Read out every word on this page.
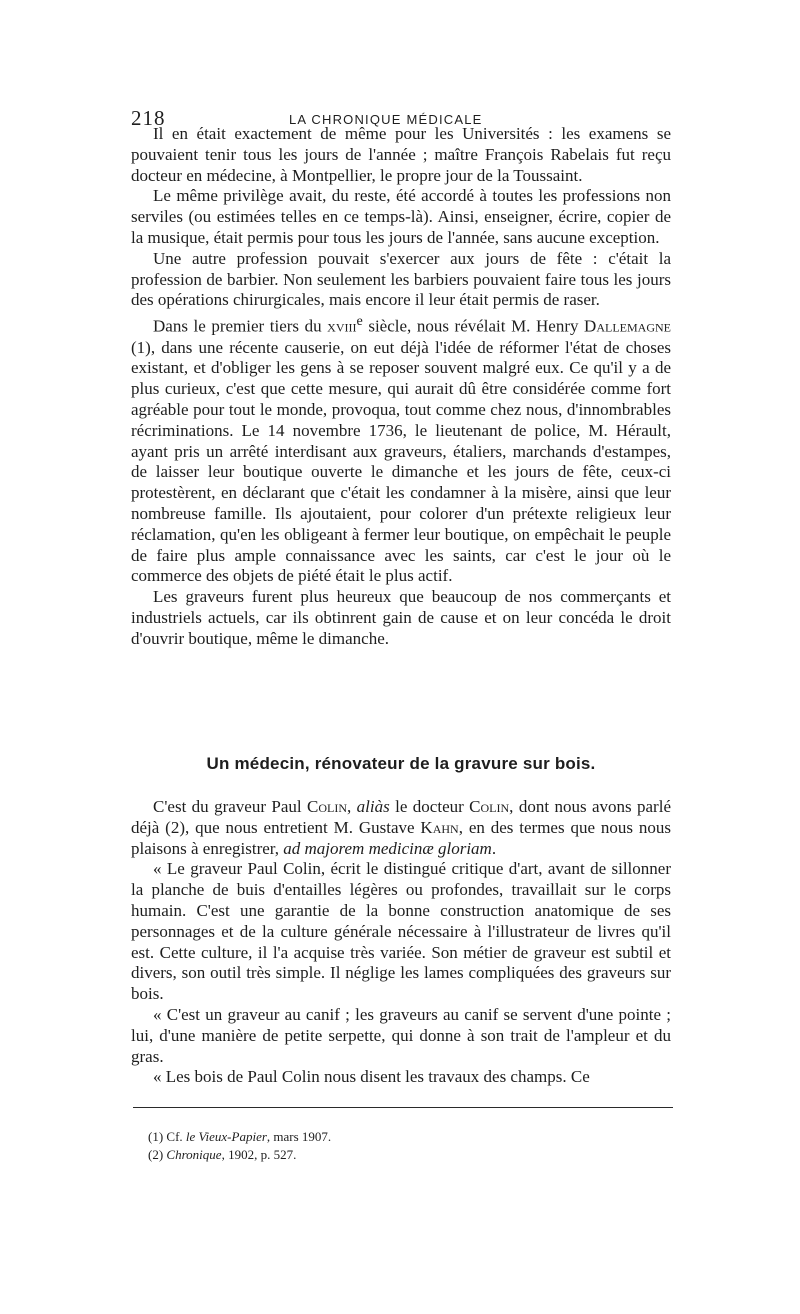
218	LA CHRONIQUE MÉDICALE

Il en était exactement de même pour les Universités : les examens se pouvaient tenir tous les jours de l'année ; maître François Rabelais fut reçu docteur en médecine, à Montpellier, le propre jour de la Toussaint.

Le même privilège avait, du reste, été accordé à toutes les professions non serviles (ou estimées telles en ce temps-là). Ainsi, enseigner, écrire, copier de la musique, était permis pour tous les jours de l'année, sans aucune exception.

Une autre profession pouvait s'exercer aux jours de fête : c'était la profession de barbier. Non seulement les barbiers pouvaient faire tous les jours des opérations chirurgicales, mais encore il leur était permis de raser.

Dans le premier tiers du xviii$^e$ siècle, nous révélait M. Henry Dallemagne (1), dans une récente causerie, on eut déjà l'idée de réformer l'état de choses existant, et d'obliger les gens à se reposer souvent malgré eux. Ce qu'il y a de plus curieux, c'est que cette mesure, qui aurait dû être considérée comme fort agréable pour tout le monde, provoqua, tout comme chez nous, d'innombrables récriminations. Le 14 novembre 1736, le lieutenant de police, M. Hérault, ayant pris un arrêté interdisant aux graveurs, étaliers, marchands d'estampes, de laisser leur boutique ouverte le dimanche et les jours de fête, ceux-ci protestèrent, en déclarant que c'était les condamner à la misère, ainsi que leur nombreuse famille. Ils ajoutaient, pour colorer d'un prétexte religieux leur réclamation, qu'en les obligeant à fermer leur boutique, on empêchait le peuple de faire plus ample connaissance avec les saints, car c'est le jour où le commerce des objets de piété était le plus actif.

Les graveurs furent plus heureux que beaucoup de nos commerçants et industriels actuels, car ils obtinrent gain de cause et on leur concéda le droit d'ouvrir boutique, même le dimanche.

Un médecin, rénovateur de la gravure sur bois.

C'est du graveur Paul Colin, aliàs le docteur Colin, dont nous avons parlé déjà (2), que nous entretient M. Gustave Kahn, en des termes que nous nous plaisons à enregistrer, ad majorem medicinæ gloriam.

« Le graveur Paul Colin, écrit le distingué critique d'art, avant de sillonner la planche de buis d'entailles légères ou profondes, travaillait sur le corps humain. C'est une garantie de la bonne construction anatomique de ses personnages et de la culture générale nécessaire à l'illustrateur de livres qu'il est. Cette culture, il l'a acquise très variée. Son métier de graveur est subtil et divers, son outil très simple. Il néglige les lames compliquées des graveurs sur bois.

« C'est un graveur au canif ; les graveurs au canif se servent d'une pointe ; lui, d'une manière de petite serpette, qui donne à son trait de l'ampleur et du gras.

« Les bois de Paul Colin nous disent les travaux des champs. Ce

(1) Cf. le Vieux-Papier, mars 1907.
(2) Chronique, 1902, p. 527.
